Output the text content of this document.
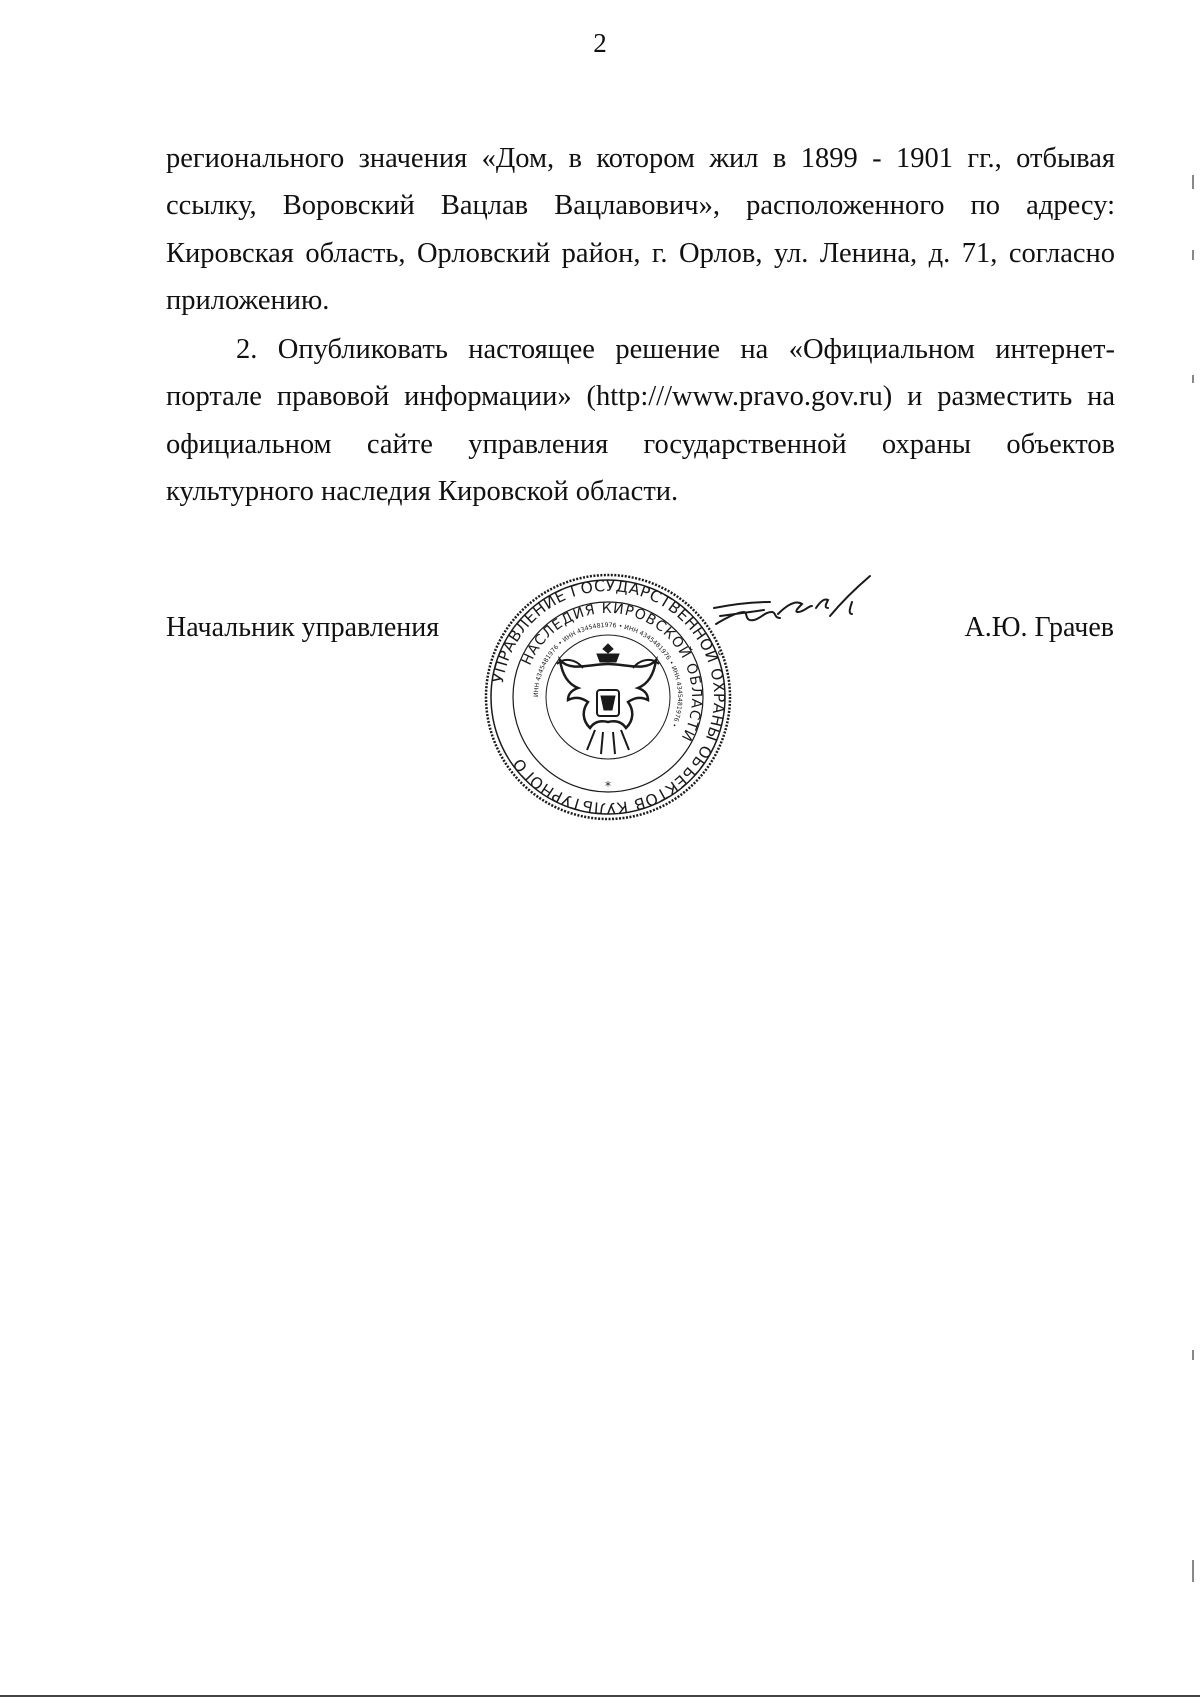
2

регионального значения «Дом, в котором жил в 1899 - 1901 гг., отбывая ссылку, Воровский Вацлав Вацлавович», расположенного по адресу: Кировская область, Орловский район, г. Орлов, ул. Ленина, д. 71, согласно приложению.

2. Опубликовать настоящее решение на «Официальном интернет-портале правовой информации» (http:///www.pravo.gov.ru) и разместить на официальном сайте управления государственной охраны объектов культурного наследия Кировской области.

Начальник управления
УПРАВЛЕНИЕ ГОСУДАРСТВЕННОЙ ОХРАНЫ ОБЪЕКТОВ КУЛЬТУРНОГО
НАСЛЕДИЯ КИРОВСКОЙ ОБЛАСТИ
ИНН 4345481976 • ИНН 4345481976 • ИНН 4345481976 • ИНН 4345481976 •
*
А.Ю. Грачев
